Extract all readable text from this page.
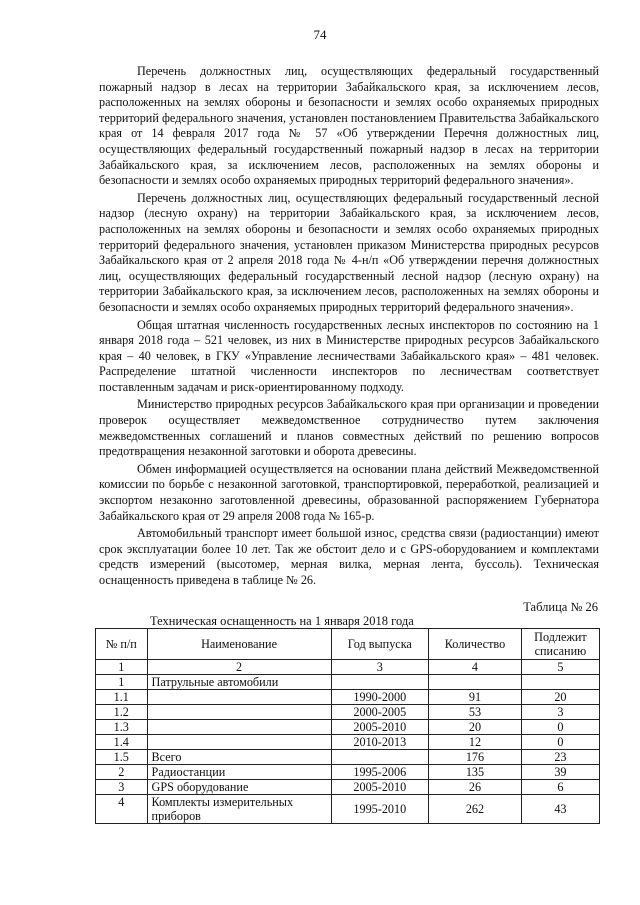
74

Перечень должностных лиц, осуществляющих федеральный государственный пожарный надзор в лесах на территории Забайкальского края, за исключением лесов, расположенных на землях обороны и безопасности и землях особо охраняемых природных территорий федерального значения, установлен постановлением Правительства Забайкальского края от 14 февраля 2017 года № 57 «Об утверждении Перечня должностных лиц, осуществляющих федеральный государственный пожарный надзор в лесах на территории Забайкальского края, за исключением лесов, расположенных на землях обороны и безопасности и землях особо охраняемых природных территорий федерального значения».

Перечень должностных лиц, осуществляющих федеральный государственный лесной надзор (лесную охрану) на территории Забайкальского края, за исключением лесов, расположенных на землях обороны и безопасности и землях особо охраняемых природных территорий федерального значения, установлен приказом Министерства природных ресурсов Забайкальского края от 2 апреля 2018 года № 4-н/п «Об утверждении перечня должностных лиц, осуществляющих федеральный государственный лесной надзор (лесную охрану) на территории Забайкальского края, за исключением лесов, расположенных на землях обороны и безопасности и землях особо охраняемых природных территорий федерального значения».

Общая штатная численность государственных лесных инспекторов по состоянию на 1 января 2018 года – 521 человек, из них в Министерстве природных ресурсов Забайкальского края – 40 человек, в ГКУ «Управление лесничествами Забайкальского края» – 481 человек. Распределение штатной численности инспекторов по лесничествам соответствует поставленным задачам и риск-ориентированному подходу.

Министерство природных ресурсов Забайкальского края при организации и проведении проверок осуществляет межведомственное сотрудничество путем заключения межведомственных соглашений и планов совместных действий по решению вопросов предотвращения незаконной заготовки и оборота древесины.

Обмен информацией осуществляется на основании плана действий Межведомственной комиссии по борьбе с незаконной заготовкой, транспортировкой, переработкой, реализацией и экспортом незаконно заготовленной древесины, образованной распоряжением Губернатора Забайкальского края от 29 апреля 2008 года № 165-р.

Автомобильный транспорт имеет большой износ, средства связи (радиостанции) имеют срок эксплуатации более 10 лет. Так же обстоит дело и с GPS-оборудованием и комплектами средств измерений (высотомер, мерная вилка, мерная лента, буссоль). Техническая оснащенность приведена в таблице № 26.

Таблица № 26
Техническая оснащенность на 1 января 2018 года
№ п/п	Наименование	Год выпуска	Количество	Подлежит списанию
1	2	3	4	5
1	Патрульные автомобили			
1.1		1990-2000	91	20
1.2		2000-2005	53	3
1.3		2005-2010	20	0
1.4		2010-2013	12	0
1.5	Всего		176	23
2	Радиостанции	1995-2006	135	39
3	GPS оборудование	2005-2010	26	6
4	Комплекты измерительных приборов	1995-2010	262	43
